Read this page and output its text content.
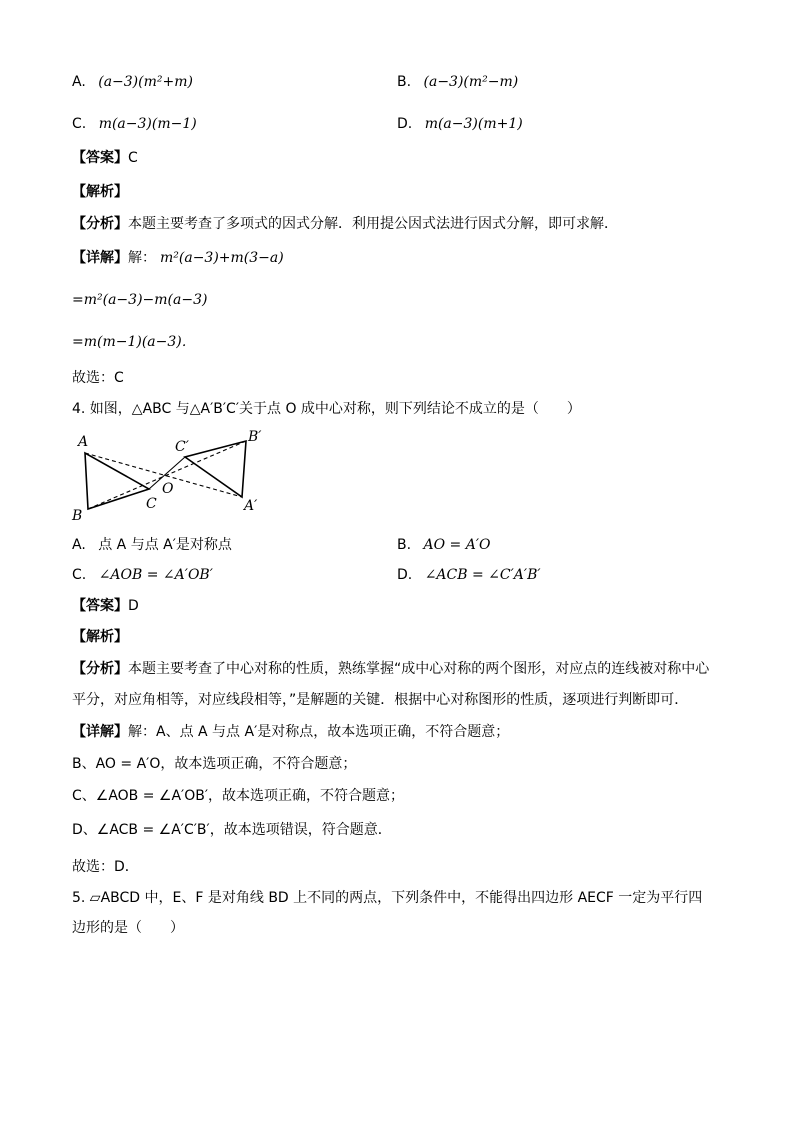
A. (a−3)(m²+m)	B. (a−3)(m²−m)
C. m(a−3)(m−1)	D. m(a−3)(m+1)
【答案】C
【解析】
【分析】本题主要考查了多项式的因式分解．利用提公因式法进行因式分解，即可求解．
【详解】解： m²(a−3)+m(3−a)
=m²(a−3)−m(a−3)
=m(m−1)(a−3)．
故选：C
4. 如图，△ABC 与△A′B′C′关于点 O 成中心对称，则下列结论不成立的是（　　）
A
B
C
O
A′
B′
C′
A. 点 A 与点 A′是对称点	B. AO = A′O
C. ∠AOB = ∠A′OB′	D. ∠ACB = ∠C′A′B′
【答案】D
【解析】
【分析】本题主要考查了中心对称的性质，熟练掌握“成中心对称的两个图形，对应点的连线被对称中心
平分，对应角相等，对应线段相等，”是解题的关键．根据中心对称图形的性质，逐项进行判断即可．
【详解】解：A、点 A 与点 A′是对称点，故本选项正确，不符合题意；
B、AO = A′O，故本选项正确，不符合题意；
C、∠AOB = ∠A′OB′，故本选项正确，不符合题意；
D、∠ACB = ∠A′C′B′，故本选项错误，符合题意．
故选：D．
5. ▱ABCD 中，E、F 是对角线 BD 上不同的两点，下列条件中，不能得出四边形 AECF 一定为平行四
边形的是（　　）
